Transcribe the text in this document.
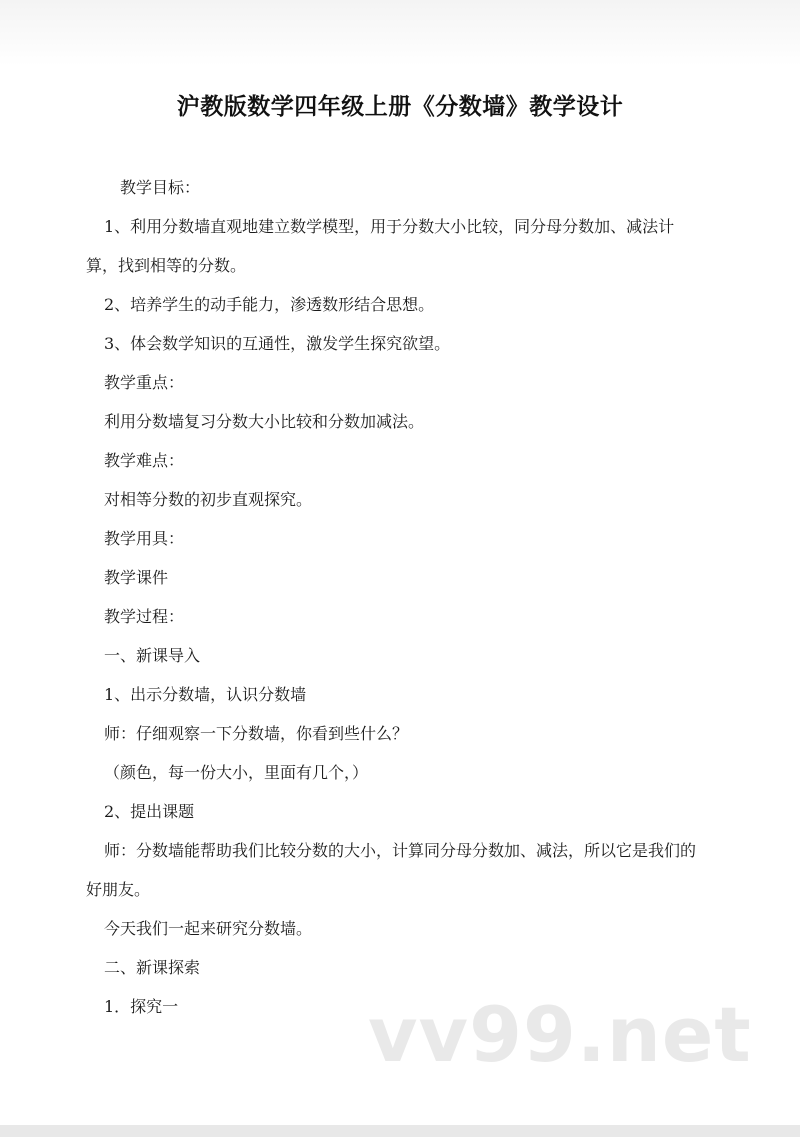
沪教版数学四年级上册《分数墙》教学设计

教学目标：

1、利用分数墙直观地建立数学模型，用于分数大小比较，同分母分数加、减法计算，找到相等的分数。

2、培养学生的动手能力，渗透数形结合思想。

3、体会数学知识的互通性，激发学生探究欲望。

教学重点：

利用分数墙复习分数大小比较和分数加减法。

教学难点：

对相等分数的初步直观探究。

教学用具：

教学课件

教学过程：

一、新课导入

1、出示分数墙，认识分数墙

师：仔细观察一下分数墙，你看到些什么？

（颜色，每一份大小，里面有几个，）

2、提出课题

师：分数墙能帮助我们比较分数的大小，计算同分母分数加、减法，所以它是我们的好朋友。

今天我们一起来研究分数墙。

二、新课探索

1．探究一	vv99.net
